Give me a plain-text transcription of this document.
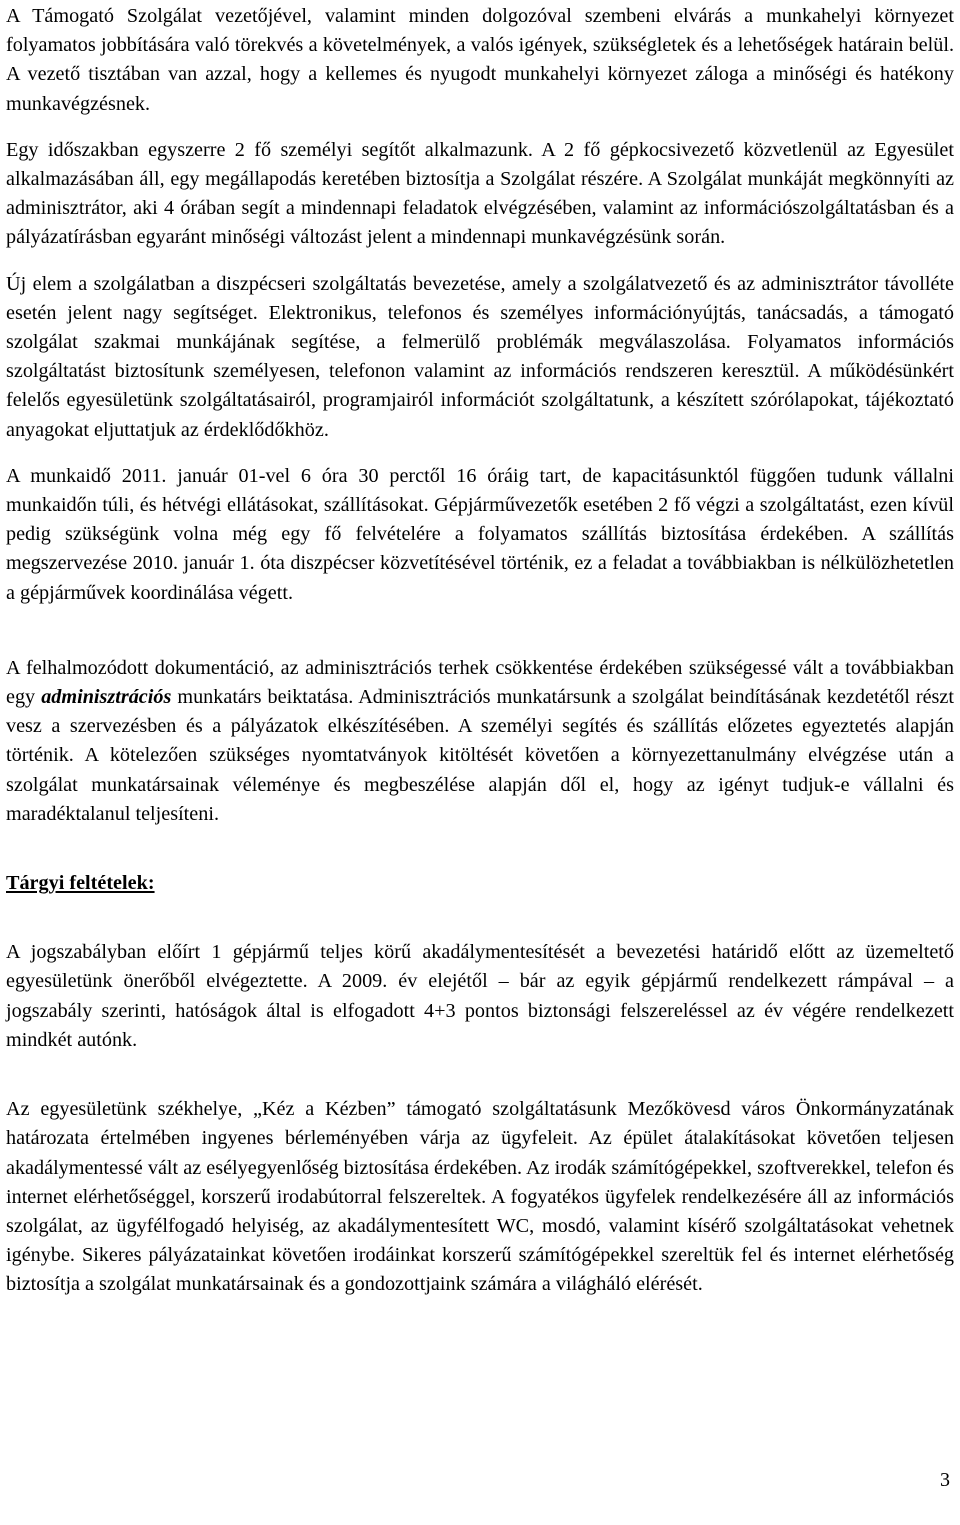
A Támogató Szolgálat vezetőjével, valamint minden dolgozóval szembeni elvárás a munkahelyi környezet folyamatos jobbítására való törekvés a követelmények, a valós igények, szükségletek és a lehetőségek határain belül. A vezető tisztában van azzal, hogy a kellemes és nyugodt munkahelyi környezet záloga a minőségi és hatékony munkavégzésnek.

Egy időszakban egyszerre 2 fő személyi segítőt alkalmazunk. A 2 fő gépkocsivezető közvetlenül az Egyesület alkalmazásában áll, egy megállapodás keretében biztosítja a Szolgálat részére. A Szolgálat munkáját megkönnyíti az adminisztrátor, aki 4 órában segít a mindennapi feladatok elvégzésében, valamint az információszolgáltatásban és a pályázatírásban egyaránt minőségi változást jelent a mindennapi munkavégzésünk során.

Új elem a szolgálatban a diszpécseri szolgáltatás bevezetése, amely a szolgálatvezető és az adminisztrátor távolléte esetén jelent nagy segítséget. Elektronikus, telefonos és személyes információnyújtás, tanácsadás, a támogató szolgálat szakmai munkájának segítése, a felmerülő problémák megválaszolása. Folyamatos információs szolgáltatást biztosítunk személyesen, telefonon valamint az információs rendszeren keresztül. A működésünkért felelős egyesületünk szolgáltatásairól, programjairól információt szolgáltatunk, a készített szórólapokat, tájékoztató anyagokat eljuttatjuk az érdeklődőkhöz.

A munkaidő 2011. január 01-vel 6 óra 30 perctől 16 óráig tart, de kapacitásunktól függően tudunk vállalni munkaidőn túli, és hétvégi ellátásokat, szállításokat. Gépjárművezetők esetében 2 fő végzi a szolgáltatást, ezen kívül pedig szükségünk volna még egy fő felvételére a folyamatos szállítás biztosítása érdekében. A szállítás megszervezése 2010. január 1. óta diszpécser közvetítésével történik, ez a feladat a továbbiakban is nélkülözhetetlen a gépjárművek koordinálása végett.

A felhalmozódott dokumentáció, az adminisztrációs terhek csökkentése érdekében szükségessé vált a továbbiakban egy adminisztrációs munkatárs beiktatása. Adminisztrációs munkatársunk a szolgálat beindításának kezdetétől részt vesz a szervezésben és a pályázatok elkészítésében. A személyi segítés és szállítás előzetes egyeztetés alapján történik. A kötelezően szükséges nyomtatványok kitöltését követően a környezettanulmány elvégzése után a szolgálat munkatársainak véleménye és megbeszélése alapján dől el, hogy az igényt tudjuk-e vállalni és maradéktalanul teljesíteni.

Tárgyi feltételek:

A jogszabályban előírt 1 gépjármű teljes körű akadálymentesítését a bevezetési határidő előtt az üzemeltető egyesületünk önerőből elvégeztette. A 2009. év elejétől – bár az egyik gépjármű rendelkezett rámpával – a jogszabály szerinti, hatóságok által is elfogadott 4+3 pontos biztonsági felszereléssel az év végére rendelkezett mindkét autónk.

Az egyesületünk székhelye, „Kéz a Kézben” támogató szolgáltatásunk Mezőkövesd város Önkormányzatának határozata értelmében ingyenes bérleményében várja az ügyfeleit. Az épület átalakításokat követően teljesen akadálymentessé vált az esélyegyenlőség biztosítása érdekében. Az irodák számítógépekkel, szoftverekkel, telefon és internet elérhetőséggel, korszerű irodabútorral felszereltek. A fogyatékos ügyfelek rendelkezésére áll az információs szolgálat, az ügyfélfogadó helyiség, az akadálymentesített WC, mosdó, valamint kísérő szolgáltatásokat vehetnek igénybe. Sikeres pályázatainkat követően irodáinkat korszerű számítógépekkel szereltük fel és internet elérhetőség biztosítja a szolgálat munkatársainak és a gondozottjaink számára a világháló elérését.

3
